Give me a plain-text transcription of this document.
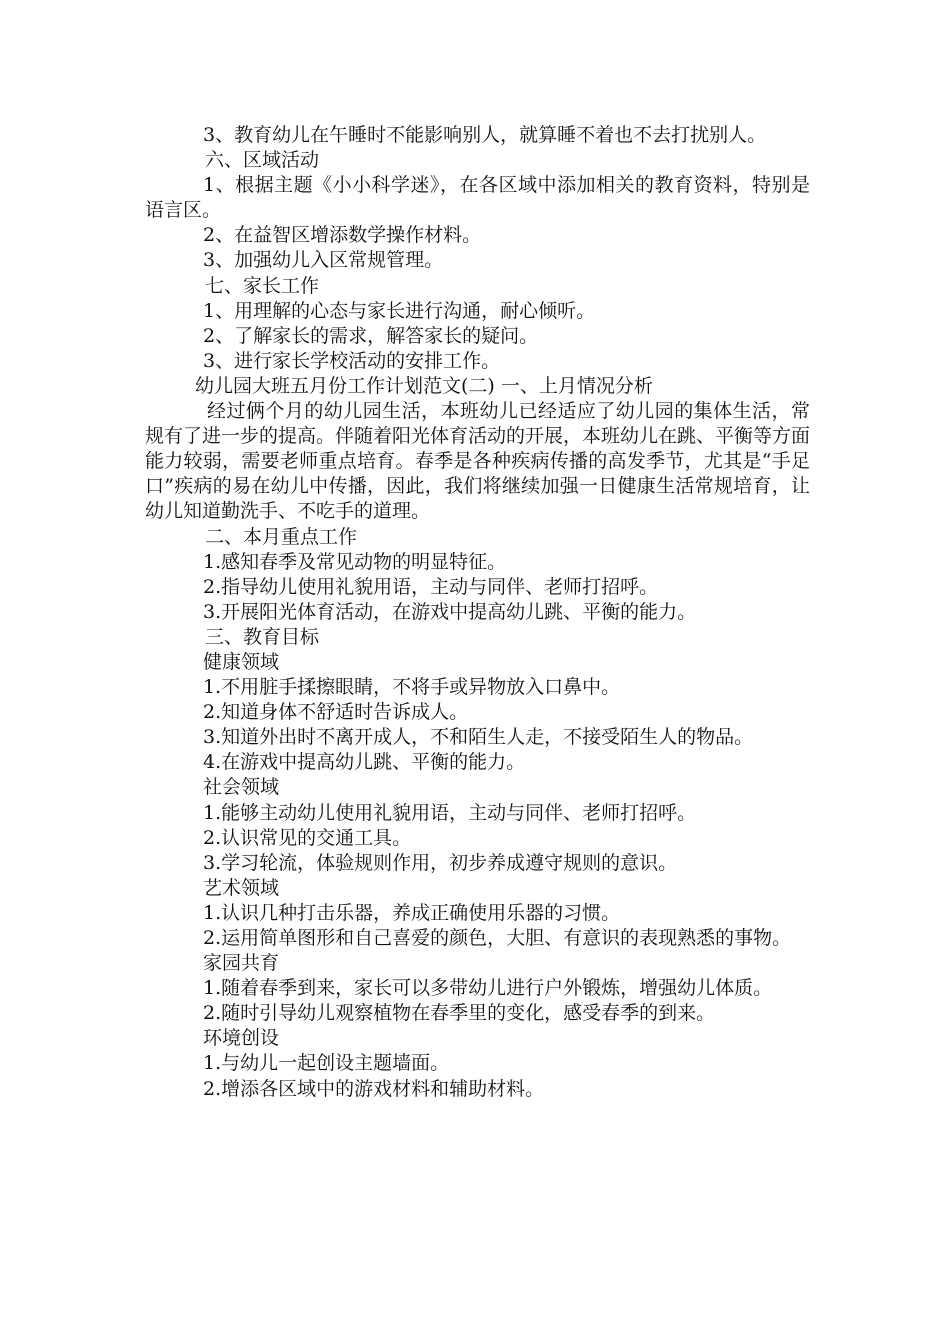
3、教育幼儿在午睡时不能影响别人，就算睡不着也不去打扰别人。

六、区域活动

1、根据主题《小小科学迷》，在各区域中添加相关的教育资料，特别是语言区。

2、在益智区增添数学操作材料。

3、加强幼儿入区常规管理。

七、家长工作

1、用理解的心态与家长进行沟通，耐心倾听。

2、了解家长的需求，解答家长的疑问。

3、进行家长学校活动的安排工作。

幼儿园大班五月份工作计划范文(二) 一、上月情况分析

经过俩个月的幼儿园生活，本班幼儿已经适应了幼儿园的集体生活，常规有了进一步的提高。伴随着阳光体育活动的开展，本班幼儿在跳、平衡等方面能力较弱，需要老师重点培育。春季是各种疾病传播的高发季节，尤其是“手足口”疾病的易在幼儿中传播，因此，我们将继续加强一日健康生活常规培育，让幼儿知道勤洗手、不吃手的道理。

二、本月重点工作

1.感知春季及常见动物的明显特征。

2.指导幼儿使用礼貌用语，主动与同伴、老师打招呼。

3.开展阳光体育活动，在游戏中提高幼儿跳、平衡的能力。

三、教育目标

健康领域

1.不用脏手揉擦眼睛，不将手或异物放入口鼻中。

2.知道身体不舒适时告诉成人。

3.知道外出时不离开成人，不和陌生人走，不接受陌生人的物品。

4.在游戏中提高幼儿跳、平衡的能力。

社会领域

1.能够主动幼儿使用礼貌用语，主动与同伴、老师打招呼。

2.认识常见的交通工具。

3.学习轮流，体验规则作用，初步养成遵守规则的意识。

艺术领域

1.认识几种打击乐器，养成正确使用乐器的习惯。

2.运用简单图形和自己喜爱的颜色，大胆、有意识的表现熟悉的事物。

家园共育

1.随着春季到来，家长可以多带幼儿进行户外锻炼，增强幼儿体质。

2.随时引导幼儿观察植物在春季里的变化，感受春季的到来。

环境创设

1.与幼儿一起创设主题墙面。

2.增添各区域中的游戏材料和辅助材料。
